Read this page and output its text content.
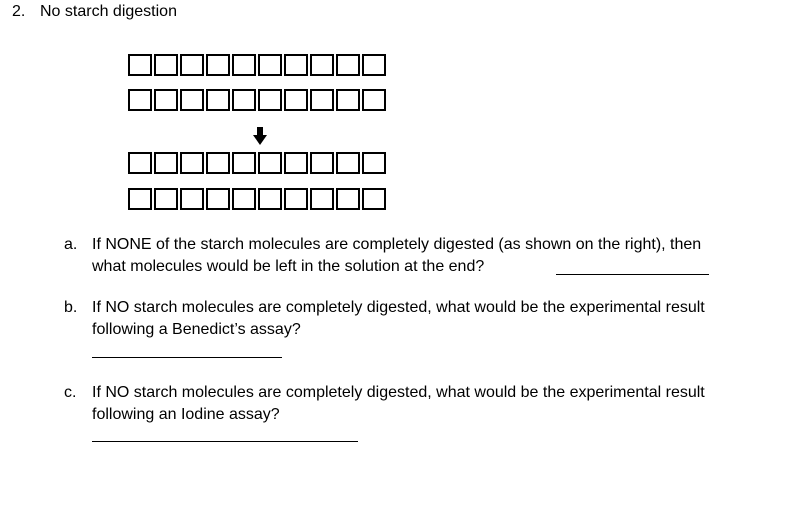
2. No starch digestion
a. If NONE of the starch molecules are completely digested (as shown on the right), then
what molecules would be left in the solution at the end?
b. If NO starch molecules are completely digested, what would be the experimental result
following a Benedict’s assay?
c. If NO starch molecules are completely digested, what would be the experimental result
following an Iodine assay?
